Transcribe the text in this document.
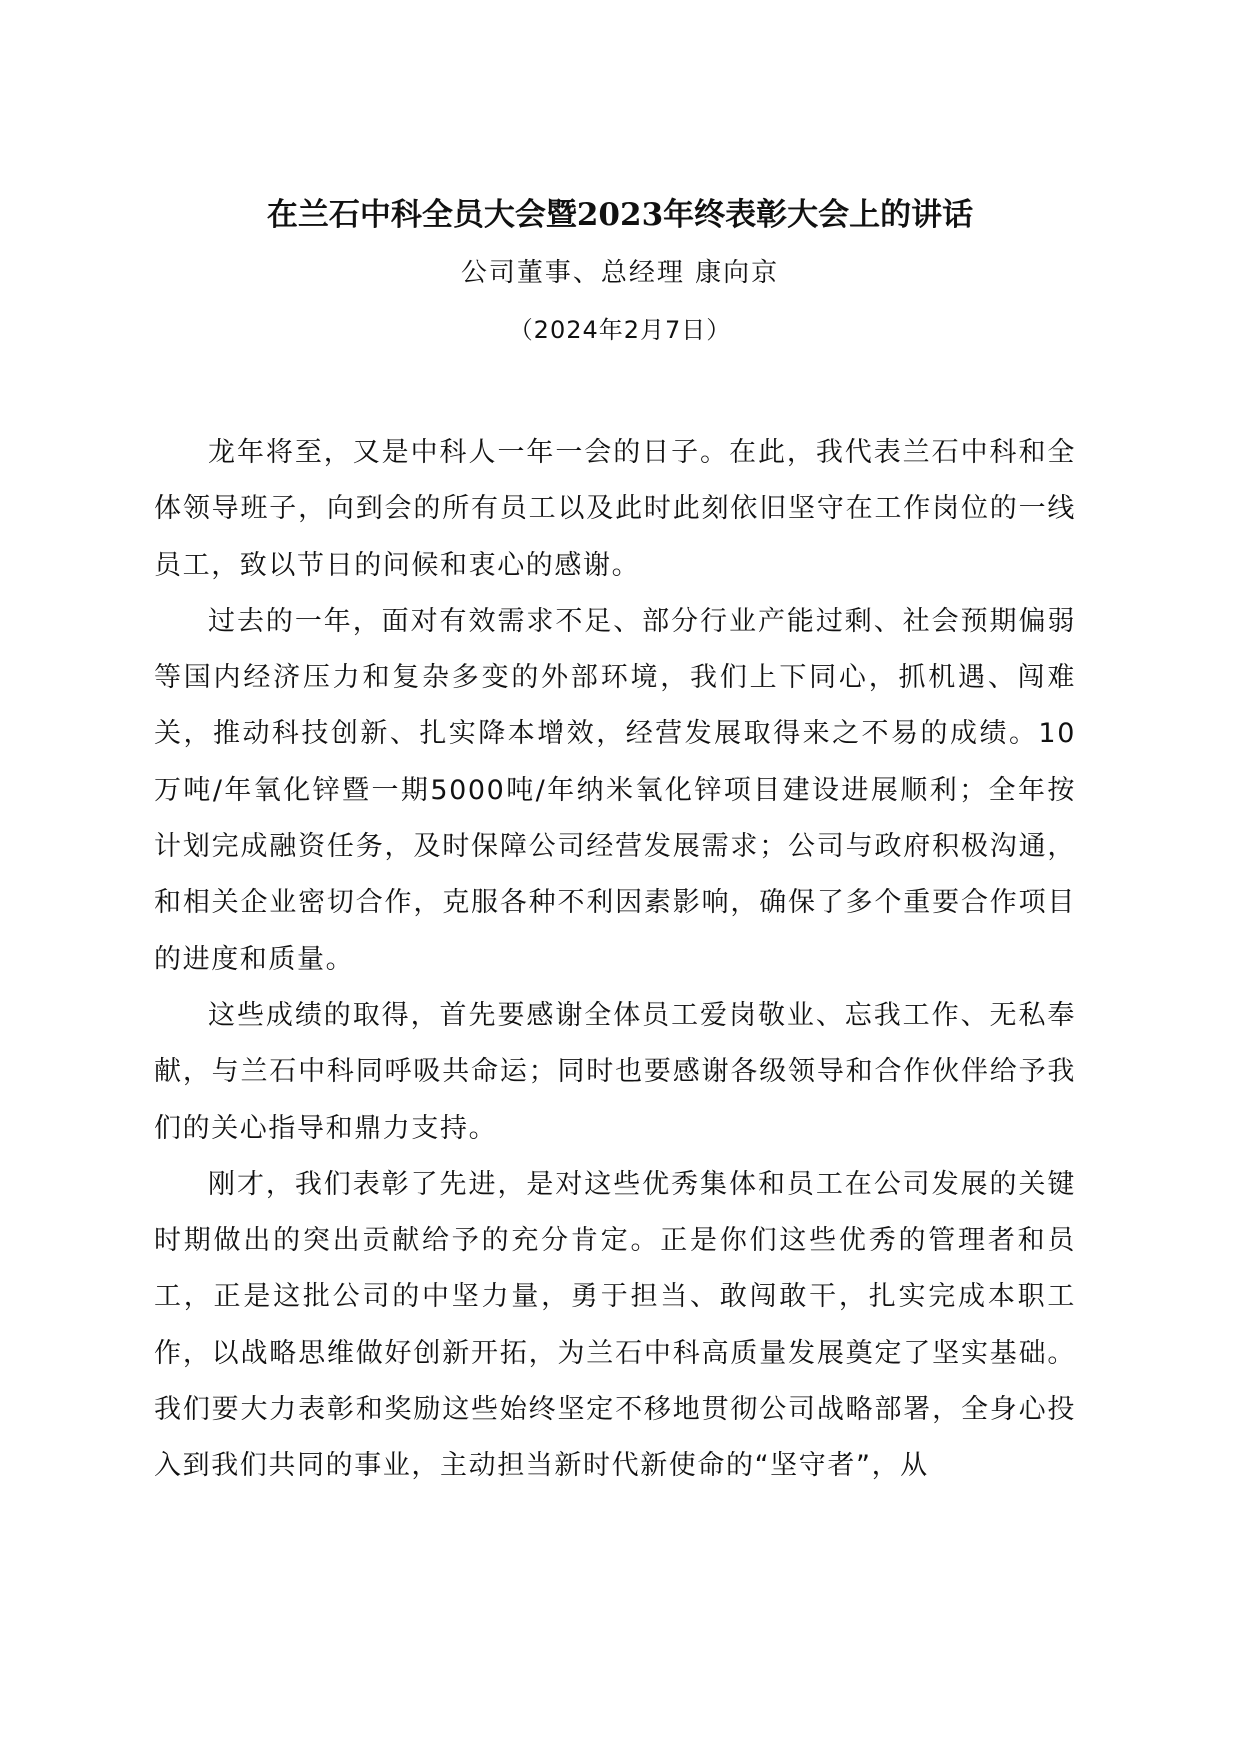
在兰石中科全员大会暨2023年终表彰大会上的讲话
公司董事、总经理 康向京
（2024年2月7日）

龙年将至，又是中科人一年一会的日子。在此，我代表兰石中科和全体领导班子，向到会的所有员工以及此时此刻依旧坚守在工作岗位的一线员工，致以节日的问候和衷心的感谢。

过去的一年，面对有效需求不足、部分行业产能过剩、社会预期偏弱等国内经济压力和复杂多变的外部环境，我们上下同心，抓机遇、闯难关，推动科技创新、扎实降本增效，经营发展取得来之不易的成绩。10万吨/年氧化锌暨一期5000吨/年纳米氧化锌项目建设进展顺利；全年按计划完成融资任务，及时保障公司经营发展需求；公司与政府积极沟通，和相关企业密切合作，克服各种不利因素影响，确保了多个重要合作项目的进度和质量。

这些成绩的取得，首先要感谢全体员工爱岗敬业、忘我工作、无私奉献，与兰石中科同呼吸共命运；同时也要感谢各级领导和合作伙伴给予我们的关心指导和鼎力支持。

刚才，我们表彰了先进，是对这些优秀集体和员工在公司发展的关键时期做出的突出贡献给予的充分肯定。正是你们这些优秀的管理者和员工，正是这批公司的中坚力量，勇于担当、敢闯敢干，扎实完成本职工作，以战略思维做好创新开拓，为兰石中科高质量发展奠定了坚实基础。我们要大力表彰和奖励这些始终坚定不移地贯彻公司战略部署，全身心投入到我们共同的事业，主动担当新时代新使命的“坚守者”，从
